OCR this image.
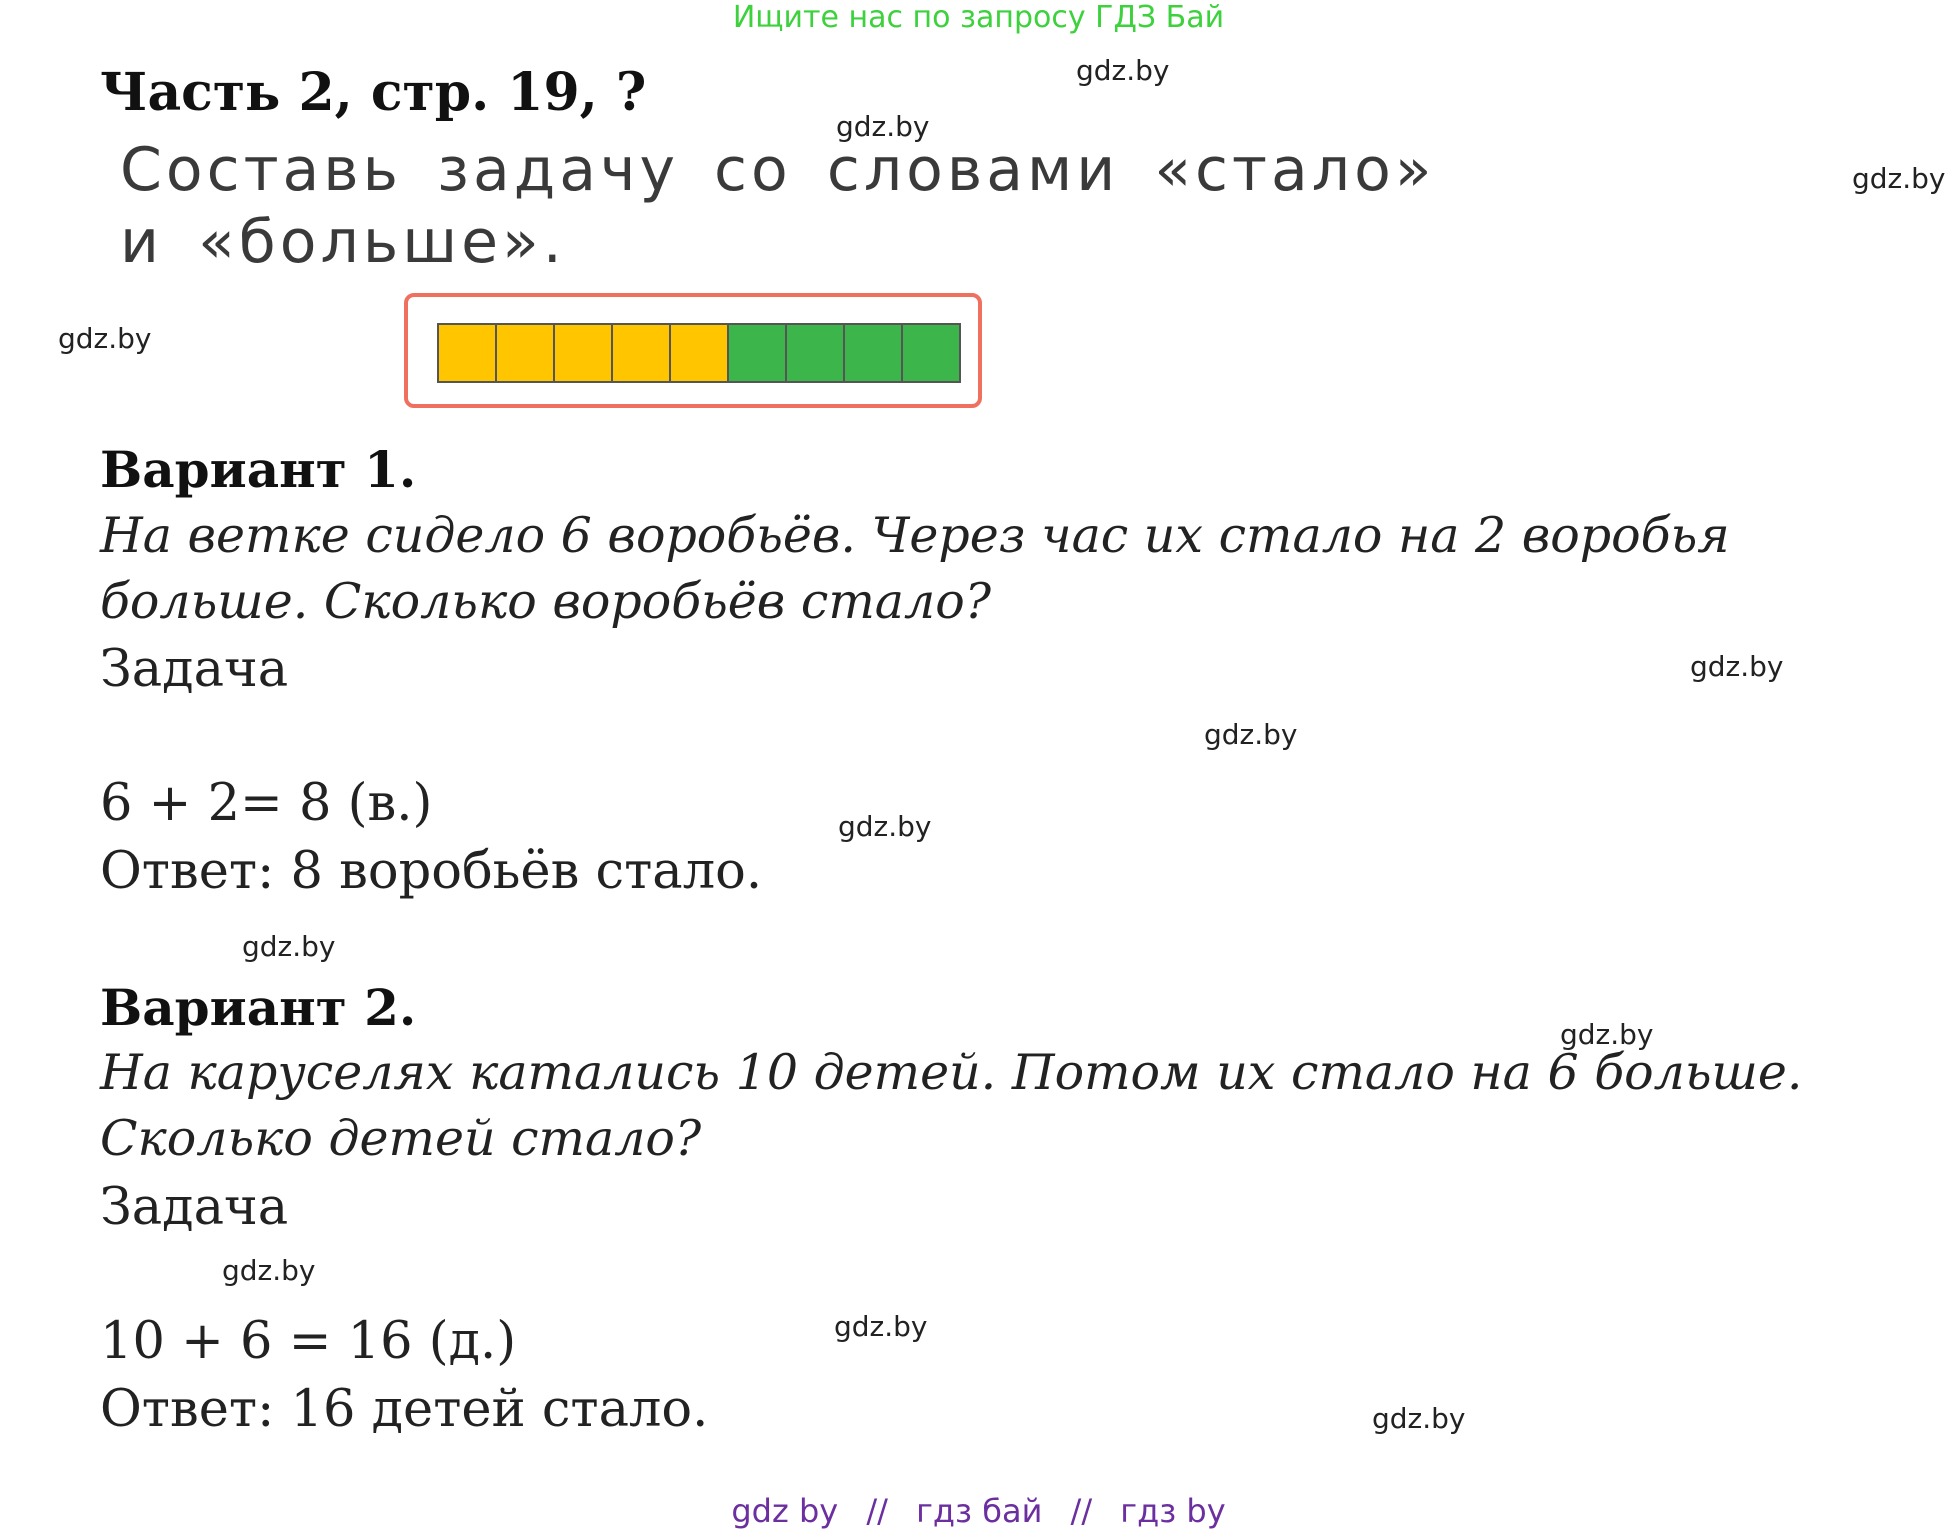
Ищите нас по запросу ГДЗ Бай
Часть 2, стр. 19, ?
Составь задачу со словами «стало» и «больше».
Вариант 1.
На ветке сидело 6 воробьёв. Через час их стало на 2 воробья больше. Сколько воробьёв стало?
Задача
6 + 2= 8 (в.)
Ответ: 8 воробьёв стало.
Вариант 2.
На каруселях катались 10 детей. Потом их стало на 6 больше. Сколько детей стало?
Задача
10 + 6 = 16 (д.)
Ответ: 16 детей стало.
gdz.by
gdz.by
gdz.by
gdz.by
gdz.by
gdz.by
gdz.by
gdz.by
gdz.by
gdz.by
gdz.by
gdz.by
gdz by // гдз бай // гдз by
